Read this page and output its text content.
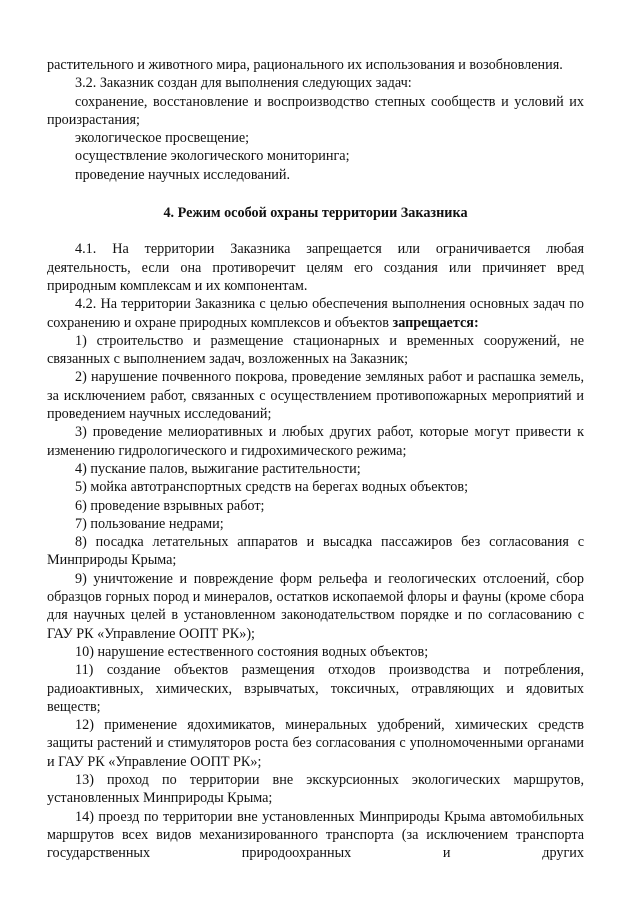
растительного и животного мира, рационального их использования и возобновления.

3.2. Заказник создан для выполнения следующих задач:

сохранение, восстановление и воспроизводство степных сообществ и условий их произрастания;

экологическое просвещение;

осуществление экологического мониторинга;

проведение научных исследований.

4. Режим особой охраны территории Заказника

4.1. На территории Заказника запрещается или ограничивается любая деятельность, если она противоречит целям его создания или причиняет вред природным комплексам и их компонентам.

4.2. На территории Заказника с целью обеспечения выполнения основных задач по сохранению и охране природных комплексов и объектов запрещается:

1) строительство и размещение стационарных и временных сооружений, не связанных с выполнением задач, возложенных на Заказник;

2) нарушение почвенного покрова, проведение земляных работ и распашка земель, за исключением работ, связанных с осуществлением противопожарных мероприятий и проведением научных исследований;

3) проведение мелиоративных и любых других работ, которые могут привести к изменению гидрологического и гидрохимического режима;

4) пускание палов, выжигание растительности;

5) мойка автотранспортных средств на берегах водных объектов;

6) проведение взрывных работ;

7) пользование недрами;

8) посадка летательных аппаратов и высадка пассажиров без согласования с Минприроды Крыма;

9) уничтожение и повреждение форм рельефа и геологических отслоений, сбор образцов горных пород и минералов, остатков ископаемой флоры и фауны (кроме сбора для научных целей в установленном законодательством порядке и по согласованию с ГАУ РК «Управление ООПТ РК»);

10) нарушение естественного состояния водных объектов;

11) создание объектов размещения отходов производства и потребления, радиоактивных, химических, взрывчатых, токсичных, отравляющих и ядовитых веществ;

12) применение ядохимикатов, минеральных удобрений, химических средств защиты растений и стимуляторов роста без согласования с уполномоченными органами и ГАУ РК «Управление ООПТ РК»;

13) проход по территории вне экскурсионных экологических маршрутов, установленных Минприроды Крыма;

14) проезд по территории вне установленных Минприроды Крыма автомобильных маршрутов всех видов механизированного транспорта (за исключением транспорта государственных природоохранных и других
